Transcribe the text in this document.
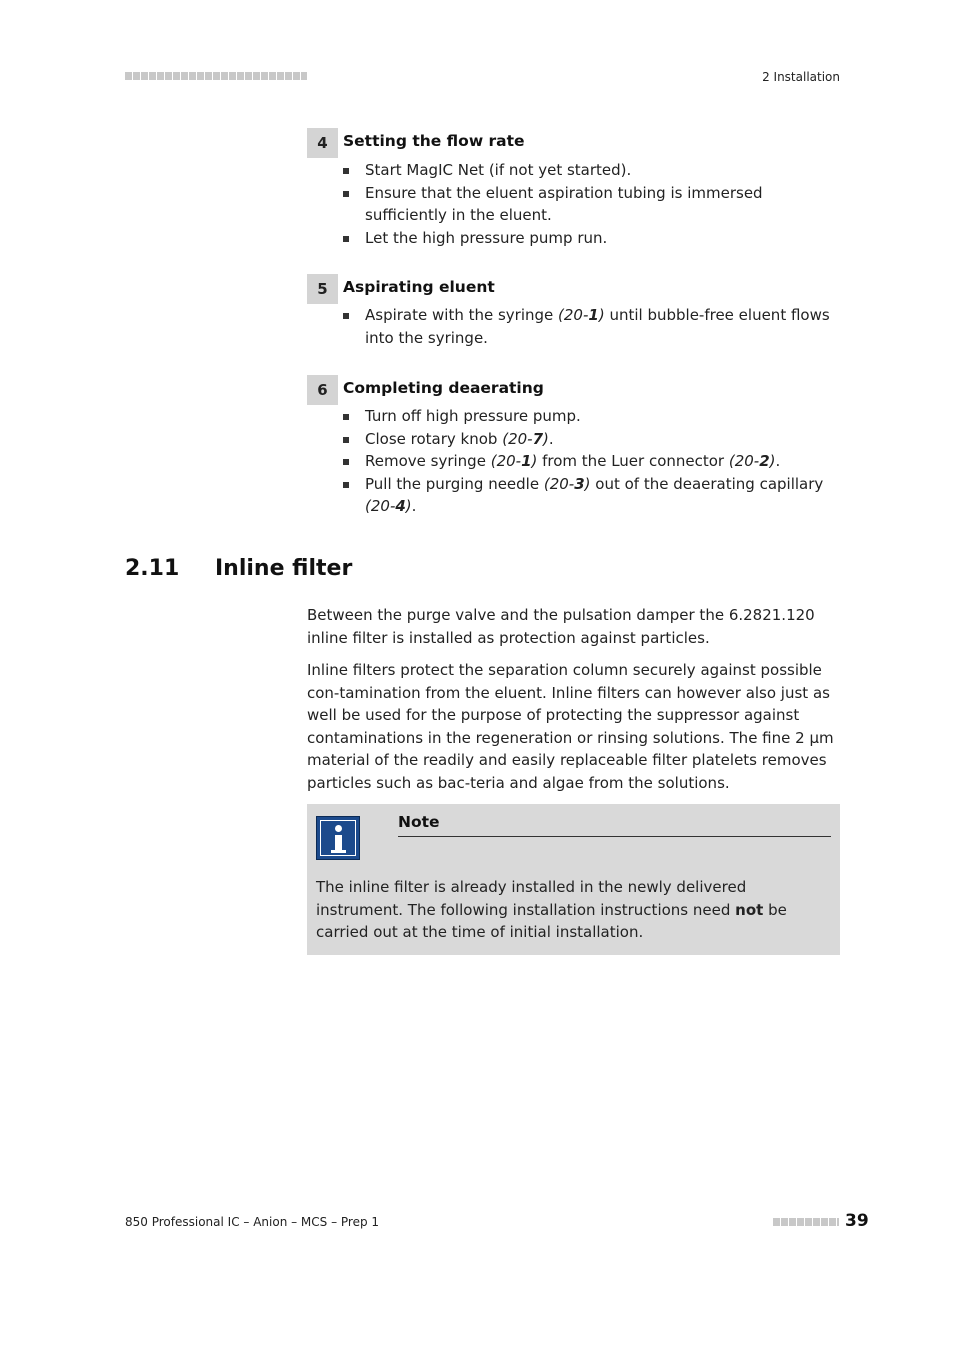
2 Installation
4 Setting the flow rate
Start MagIC Net (if not yet started).
Ensure that the eluent aspiration tubing is immersed sufficiently in the eluent.
Let the high pressure pump run.
5 Aspirating eluent
Aspirate with the syringe (20-1) until bubble-free eluent flows into the syringe.
6 Completing deaerating
Turn off high pressure pump.
Close rotary knob (20-7).
Remove syringe (20-1) from the Luer connector (20-2).
Pull the purging needle (20-3) out of the deaerating capillary (20-4).
2.11 Inline filter
Between the purge valve and the pulsation damper the 6.2821.120 inline filter is installed as protection against particles.
Inline filters protect the separation column securely against possible con-tamination from the eluent. Inline filters can however also just as well be used for the purpose of protecting the suppressor against contaminations in the regeneration or rinsing solutions. The fine 2 µm material of the readily and easily replaceable filter platelets removes particles such as bac-teria and algae from the solutions.
Note
The inline filter is already installed in the newly delivered instrument. The following installation instructions need not be carried out at the time of initial installation.
850 Professional IC – Anion – MCS – Prep 1	39
